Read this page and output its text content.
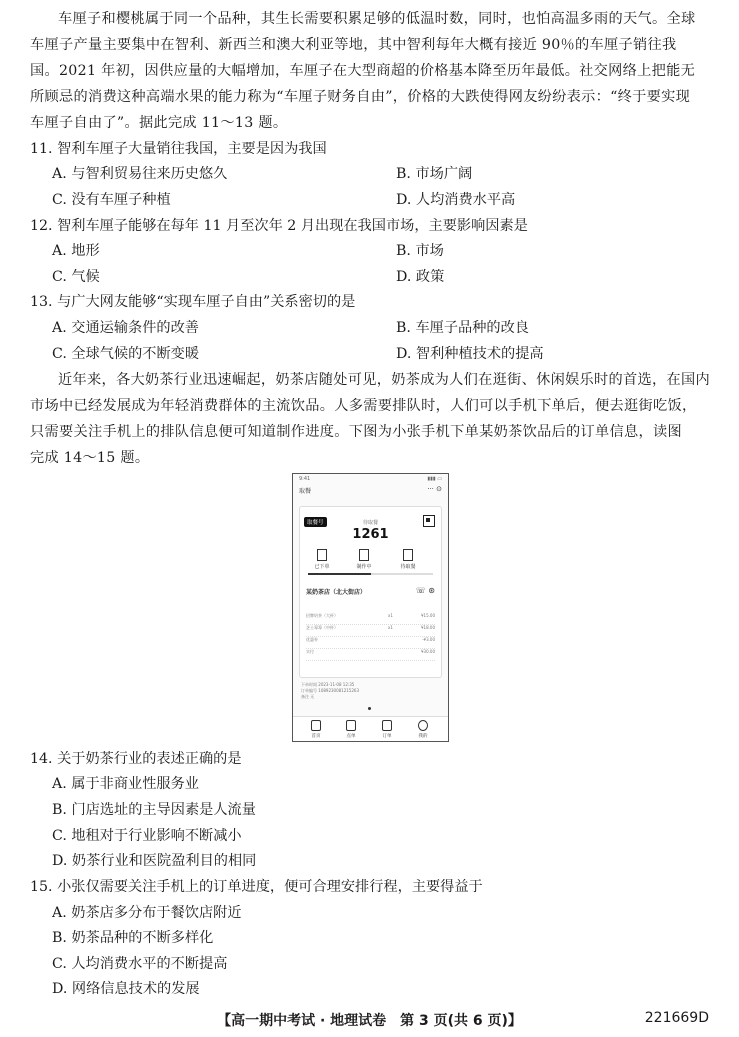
车厘子和樱桃属于同一个品种，其生长需要积累足够的低温时数，同时，也怕高温多雨的天气。全球
车厘子产量主要集中在智利、新西兰和澳大利亚等地，其中智利每年大概有接近 90％的车厘子销往我
国。2021 年初，因供应量的大幅增加，车厘子在大型商超的价格基本降至历年最低。社交网络上把能无
所顾忌的消费这种高端水果的能力称为“车厘子财务自由”，价格的大跌使得网友纷纷表示：“终于要实现
车厘子自由了”。据此完成 11～13 题。
11. 智利车厘子大量销往我国，主要是因为我国
A. 与智利贸易往来历史悠久	B. 市场广阔
C. 没有车厘子种植	D. 人均消费水平高
12. 智利车厘子能够在每年 11 月至次年 2 月出现在我国市场，主要影响因素是
A. 地形	B. 市场
C. 气候	D. 政策
13. 与广大网友能够“实现车厘子自由”关系密切的是
A. 交通运输条件的改善	B. 车厘子品种的改良
C. 全球气候的不断变暖	D. 智利种植技术的提高
近年来，各大奶茶行业迅速崛起，奶茶店随处可见，奶茶成为人们在逛街、休闲娱乐时的首选，在国内
市场中已经发展成为年轻消费群体的主流饮品。人多需要排队时，人们可以手机下单后，便去逛街吃饭，
只需要关注手机上的排队信息便可知道制作进度。下图为小张手机下单某奶茶饮品后的订单信息，读图
完成 14～15 题。
9:41	▮▮▮ ▭
取餐	··· ⊙
取餐号	待取餐
1261
已下单	制作中	待取餐
某奶茶店（北大街店）	☏ ⊛
招牌奶茶（大杯）	x1	¥15.00
芝士莓莓（中杯）	x1	¥18.00
优惠券	-¥3.00
实付	¥30.00
下单时间 2023-11-08 12:35
订单编号 1089230081215263
备注 无
首页	点单	订单	我的
14. 关于奶茶行业的表述正确的是
A. 属于非商业性服务业
B. 门店选址的主导因素是人流量
C. 地租对于行业影响不断减小
D. 奶茶行业和医院盈利目的相同
15. 小张仅需要关注手机上的订单进度，便可合理安排行程，主要得益于
A. 奶茶店多分布于餐饮店附近
B. 奶茶品种的不断多样化
C. 人均消费水平的不断提高
D. 网络信息技术的发展
【高一期中考试 · 地理试卷　第 3 页(共 6 页)】	221669D
